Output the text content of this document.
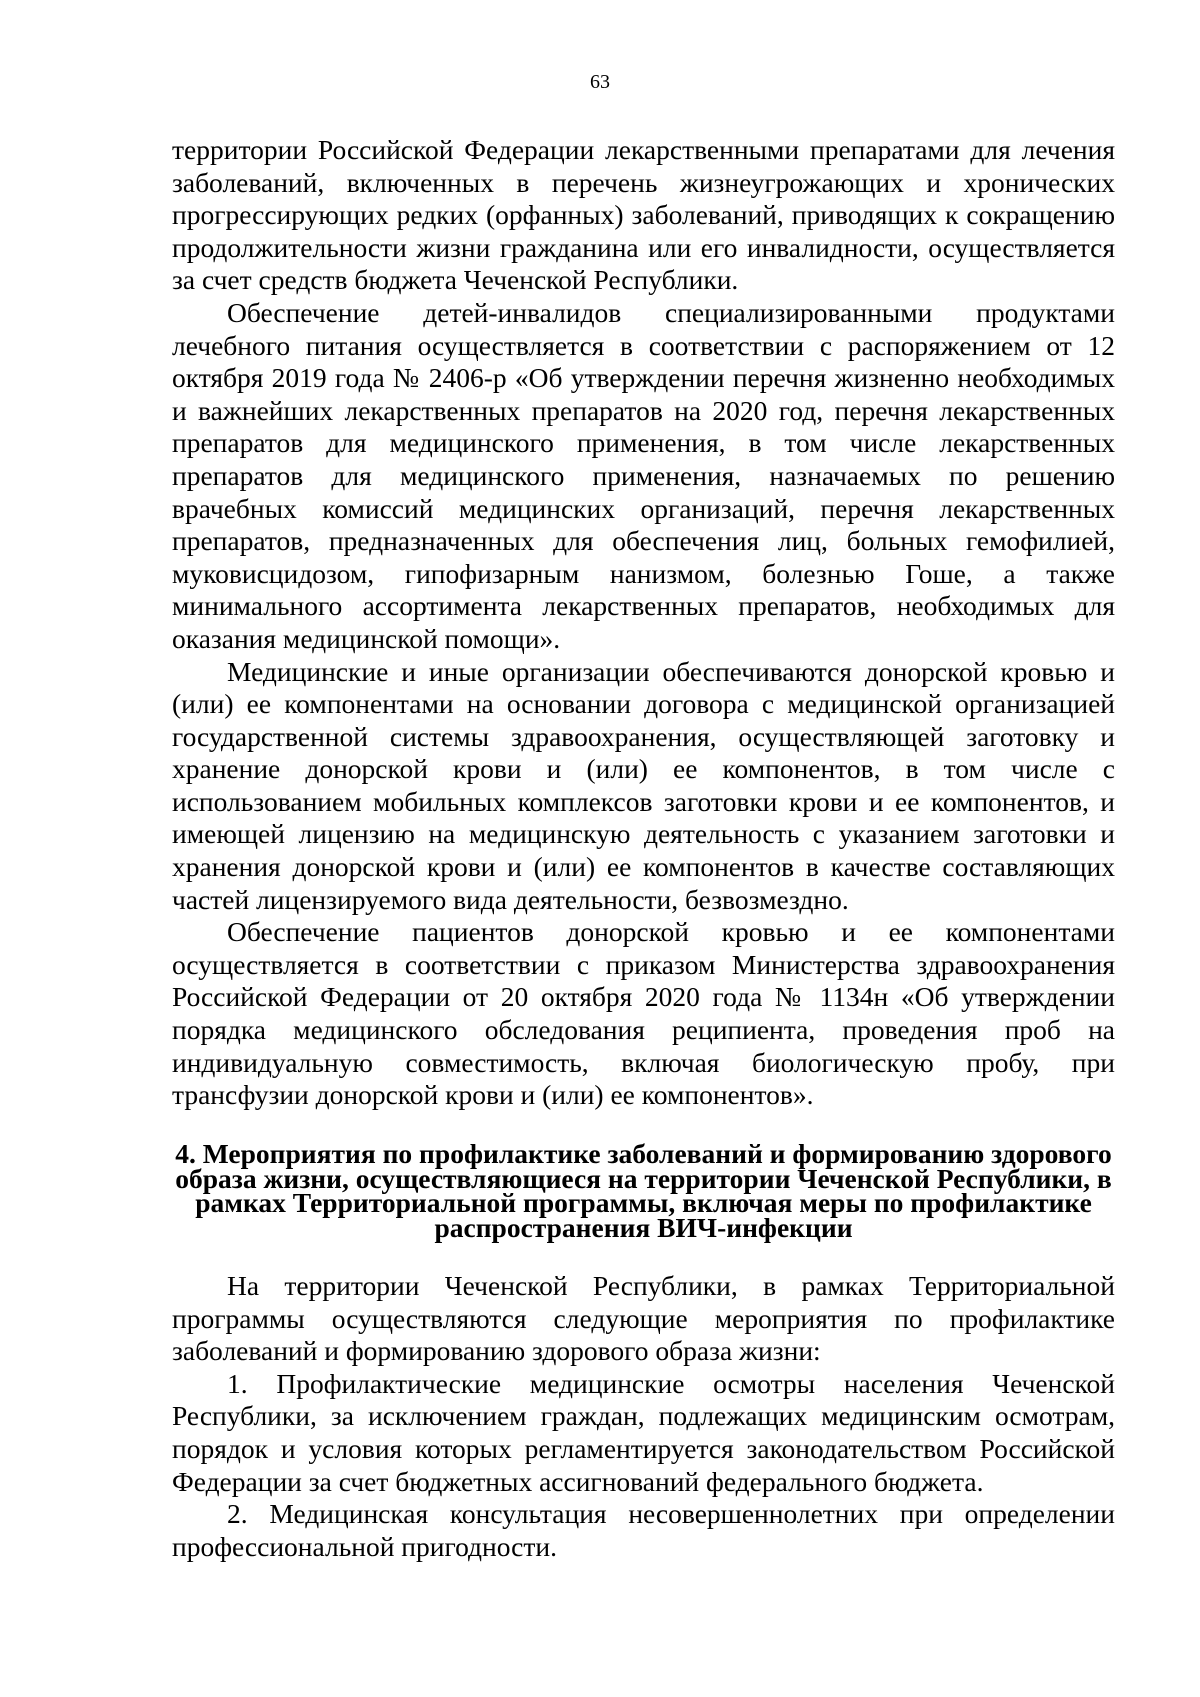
63

территории Российской Федерации лекарственными препаратами для лечения заболеваний, включенных в перечень жизнеугрожающих и хронических прогрессирующих редких (орфанных) заболеваний, приводящих к сокращению продолжительности жизни гражданина или его инвалидности, осуществляется за счет средств бюджета Чеченской Республики.

Обеспечение детей-инвалидов специализированными продуктами лечебного питания осуществляется в соответствии с распоряжением от 12 октября 2019 года № 2406-р «Об утверждении перечня жизненно необходимых и важнейших лекарственных препаратов на 2020 год, перечня лекарственных препаратов для медицинского применения, в том числе лекарственных препаратов для медицинского применения, назначаемых по решению врачебных комиссий медицинских организаций, перечня лекарственных препаратов, предназначенных для обеспечения лиц, больных гемофилией, муковисцидозом, гипофизарным нанизмом, болезнью Гоше, а также минимального ассортимента лекарственных препаратов, необходимых для оказания медицинской помощи».

Медицинские и иные организации обеспечиваются донорской кровью и (или) ее компонентами на основании договора с медицинской организацией государственной системы здравоохранения, осуществляющей заготовку и хранение донорской крови и (или) ее компонентов, в том числе с использованием мобильных комплексов заготовки крови и ее компонентов, и имеющей лицензию на медицинскую деятельность с указанием заготовки и хранения донорской крови и (или) ее компонентов в качестве составляющих частей лицензируемого вида деятельности, безвозмездно.

Обеспечение пациентов донорской кровью и ее компонентами осуществляется в соответствии с приказом Министерства здравоохранения Российской Федерации от 20 октября 2020 года № 1134н «Об утверждении порядка медицинского обследования реципиента, проведения проб на индивидуальную совместимость, включая биологическую пробу, при трансфузии донорской крови и (или) ее компонентов».

4. Мероприятия по профилактике заболеваний и формированию здорового образа жизни, осуществляющиеся на территории Чеченской Республики, в рамках Территориальной программы, включая меры по профилактике распространения ВИЧ-инфекции

На территории Чеченской Республики, в рамках Территориальной программы осуществляются следующие мероприятия по профилактике заболеваний и формированию здорового образа жизни:

1. Профилактические медицинские осмотры населения Чеченской Республики, за исключением граждан, подлежащих медицинским осмотрам, порядок и условия которых регламентируется законодательством Российской Федерации за счет бюджетных ассигнований федерального бюджета.

2. Медицинская консультация несовершеннолетних при определении профессиональной пригодности.
